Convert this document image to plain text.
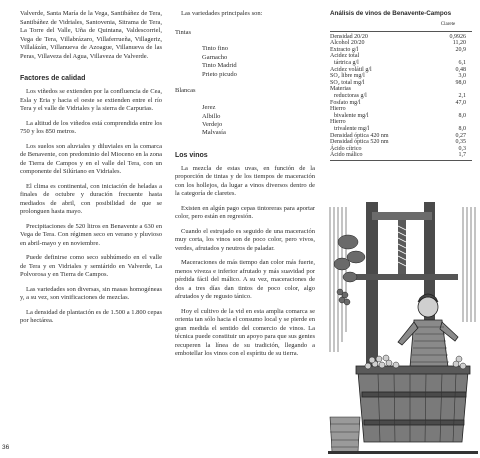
Valverde, Santa María de la Vega, Santibáñez de Tera, Santibáñez de Vidriales, Santovenia, Sitrama de Tera, La Torre del Valle, Uña de Quintana, Valdescorriel, Vega de Tera, Villabrázaro, Villaferrueña, Villageriz, Villalázán, Villanueva de Azoague, Villanueva de las Peras, Villaveza del Agua, Villaveza de Valverde.

Factores de calidad

Los viñedos se extienden por la confluencia de Cea, Esla y Eria y hacia el oeste se extienden entre el río Tera y el valle de Vidriales y la sierra de Carpurias.

La altitud de los viñedos está comprendida entre los 750 y los 850 metros.

Los suelos son aluviales y diluviales en la comarca de Benavente, con predominio del Mioceno en la zona de Tierra de Campos y en el valle del Tera, con un componente del Silúriano en Vidriales.

El clima es continental, con iniciación de heladas a finales de octubre y duración frecuente hasta mediados de abril, con posibilidad de que se prolonguen hasta mayo.

Precipitaciones de 520 litros en Benavente a 630 en Vega de Tera. Con régimen seco en verano y pluvioso en abril-mayo y en noviembre.

Puede definirse como seco subhúmedo en el valle de Tera y en Vidriales y semiárido en Valverde, La Polvorosa y en Tierra de Campos.

Las variedades son diversas, sin masas homogéneas y, a su vez, son vinificaciones de mezclas.

La densidad de plantación es de 1.500 a 1.800 cepas por hectárea.

Las variedades principales son:

Tintas
Tinto fino
Garnacho
Tinto Madrid
Prieto picudo
Blancas
Jerez
Albillo
Verdejo
Malvasía
Los vinos

La mezcla de estas uvas, en función de la proporción de tintas y de los tiempos de maceración con los hollejos, da lugar a vinos diversos dentro de la categoría de claretes.

Existen en algún pago cepas tintoreras para aportar color, pero están en regresión.

Cuando el estrujado es seguido de una maceración muy corta, los vinos son de poco color, pero vivos, verdes, afrutados y neutros de paladar.

Maceraciones de más tiempo dan color más fuerte, menos viveza e inferior afrutado y más suavidad por pérdida fácil del málico. A su vez, maceraciones de dos a tres días dan tintos de poco color, algo afrutados y de regusto tánico.

Hoy el cultivo de la vid en esta amplia comarca se orienta tan sólo hacia el consumo local y se pierde en gran medida el sentido del comercio de vinos. La técnica puede constituir un apoyo para que sus gentes recuperen la línea de su tradición, llegando a embotellar los vinos con el espíritu de su tierra.

Análisis de vinos de Benavente-Campos
	Clarete
Densidad 20/20	0,9926
Alcohol 20/20	11,20
Extracto g/l	20,9
Acidez total	
tártrica g/l	6,1
Acidez volátil g/l	0,48
SO₂ libre mg/l	3,0
SO₂ total mg/l	98,0
Materias	
reductoras g/l	2,1
Fosfato mg/l	47,0
Hierro	
bivalente mg/l	8,0
Hierro	
trivalente mg/l	8,0
Densidad óptica 420 nm	0,27
Densidad óptica 520 nm	0,35
Ácido cítrico	0,3
Ácido málico	1,7
36
